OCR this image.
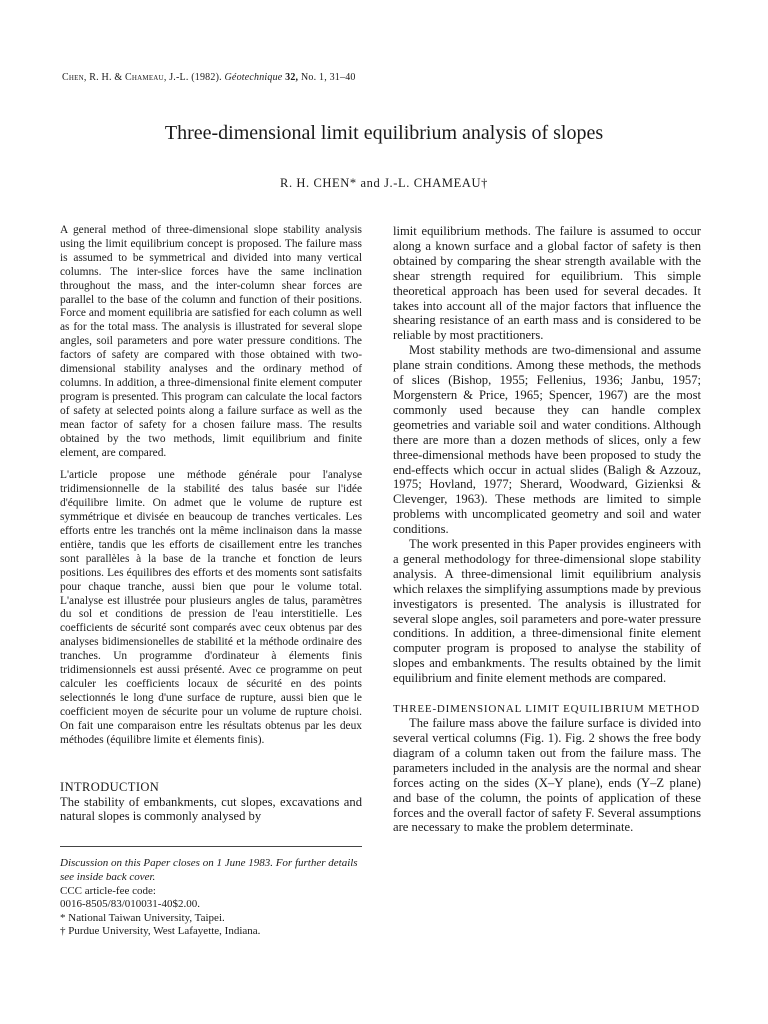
Chen, R. H. & Chameau, J.-L. (1982). Géotechnique 32, No. 1, 31–40
Three-dimensional limit equilibrium analysis of slopes
R. H. CHEN* and J.-L. CHAMEAU†

A general method of three-dimensional slope stability analysis using the limit equilibrium concept is proposed. The failure mass is assumed to be symmetrical and divided into many vertical columns. The inter-slice forces have the same inclination throughout the mass, and the inter-column shear forces are parallel to the base of the column and function of their positions. Force and moment equilibria are satisfied for each column as well as for the total mass. The analysis is illustrated for several slope angles, soil parameters and pore water pressure conditions. The factors of safety are compared with those obtained with two-dimensional stability analyses and the ordinary method of columns. In addition, a three-dimensional finite element computer program is presented. This program can calculate the local factors of safety at selected points along a failure surface as well as the mean factor of safety for a chosen failure mass. The results obtained by the two methods, limit equilibrium and finite element, are compared.

L'article propose une méthode générale pour l'analyse tridimensionnelle de la stabilité des talus basée sur l'idée d'équilibre limite. On admet que le volume de rupture est symmétrique et divisée en beaucoup de tranches verticales. Les efforts entre les tranchés ont la même inclinaison dans la masse entière, tandis que les efforts de cisaillement entre les tranches sont parallèles à la base de la tranche et fonction de leurs positions. Les équilibres des efforts et des moments sont satisfaits pour chaque tranche, aussi bien que pour le volume total. L'analyse est illustrée pour plusieurs angles de talus, paramètres du sol et conditions de pression de l'eau interstitielle. Les coefficients de sécurité sont comparés avec ceux obtenus par des analyses bidimensionelles de stabilité et la méthode ordinaire des tranches. Un programme d'ordinateur à élements finis tridimensionnels est aussi présenté. Avec ce programme on peut calculer les coefficients locaux de sécurité en des points selectionnés le long d'une surface de rupture, aussi bien que le coefficient moyen de sécurite pour un volume de rupture choisi. On fait une comparaison entre les résultats obtenus par les deux méthodes (équilibre limite et élements finis).

INTRODUCTION

The stability of embankments, cut slopes, excavations and natural slopes is commonly analysed by

Discussion on this Paper closes on 1 June 1983. For further details see inside back cover.

CCC article-fee code:

0016-8505/83/010031-40$2.00.

* National Taiwan University, Taipei.

† Purdue University, West Lafayette, Indiana.

limit equilibrium methods. The failure is assumed to occur along a known surface and a global factor of safety is then obtained by comparing the shear strength available with the shear strength required for equilibrium. This simple theoretical approach has been used for several decades. It takes into account all of the major factors that influence the shearing resistance of an earth mass and is considered to be reliable by most practitioners.

Most stability methods are two-dimensional and assume plane strain conditions. Among these methods, the methods of slices (Bishop, 1955; Fellenius, 1936; Janbu, 1957; Morgenstern & Price, 1965; Spencer, 1967) are the most commonly used because they can handle complex geometries and variable soil and water conditions. Although there are more than a dozen methods of slices, only a few three-dimensional methods have been proposed to study the end-effects which occur in actual slides (Baligh & Azzouz, 1975; Hovland, 1977; Sherard, Woodward, Gizienksi & Clevenger, 1963). These methods are limited to simple problems with uncomplicated geometry and soil and water conditions.

The work presented in this Paper provides engineers with a general methodology for three-dimensional slope stability analysis. A three-dimensional limit equilibrium analysis which relaxes the simplifying assumptions made by previous investigators is presented. The analysis is illustrated for several slope angles, soil parameters and pore-water pressure conditions. In addition, a three-dimensional finite element computer program is proposed to analyse the stability of slopes and embankments. The results obtained by the limit equilibrium and finite element methods are compared.

THREE-DIMENSIONAL LIMIT EQUILIBRIUM METHOD

The failure mass above the failure surface is divided into several vertical columns (Fig. 1). Fig. 2 shows the free body diagram of a column taken out from the failure mass. The parameters included in the analysis are the normal and shear forces acting on the sides (X–Y plane), ends (Y–Z plane) and base of the column, the points of application of these forces and the overall factor of safety F. Several assumptions are necessary to make the problem determinate.
